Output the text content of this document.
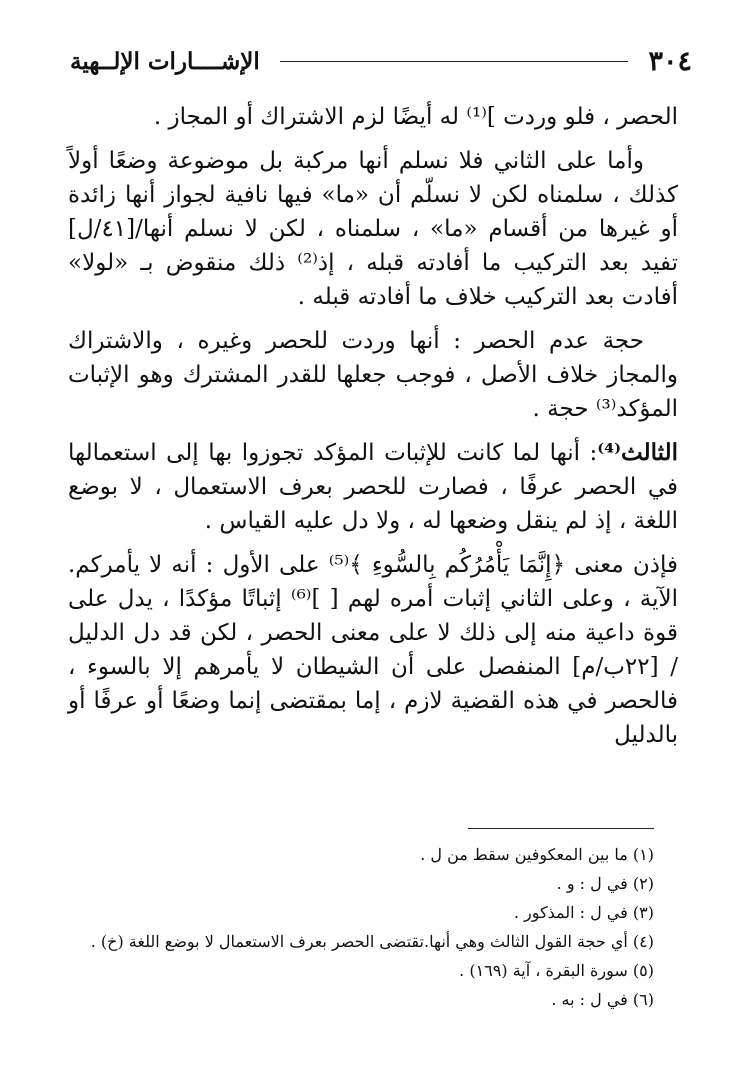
٣٠٤
الإشــــارات الإلــهية

الحصر ، فلو وردت ]⁽¹⁾ له أيضًا لزم الاشتراك أو المجاز .

وأما على الثاني فلا نسلم أنها مركبة بل موضوعة وضعًا أولاً كذلك ، سلمناه لكن لا نسلّم أن «ما» فيها نافية لجواز أنها زائدة أو غيرها من أقسام «ما» ، سلمناه ، لكن لا نسلم أنها/[٤١/ل] تفيد بعد التركيب ما أفادته قبله ، إذ⁽²⁾ ذلك منقوض بـ «لولا» أفادت بعد التركيب خلاف ما أفادته قبله .

حجة عدم الحصر : أنها وردت للحصر وغيره ، والاشتراك والمجاز خلاف الأصل ، فوجب جعلها للقدر المشترك وهو الإثبات المؤكد⁽³⁾ حجة .

الثالث⁽⁴⁾: أنها لما كانت للإثبات المؤكد تجوزوا بها إلى استعمالها في الحصر عرفًا ، فصارت للحصر بعرف الاستعمال ، لا بوضع اللغة ، إذ لم ينقل وضعها له ، ولا دل عليه القياس .

فإذن معنى ﴿إِنَّمَا يَأْمُرُكُم بِالسُّوءِ ﴾⁽⁵⁾ على الأول : أنه لا يأمركم. الآية ، وعلى الثاني إثبات أمره لهم [ ]⁽⁶⁾ إثباتًا مؤكدًا ، يدل على قوة داعية منه إلى ذلك لا على معنى الحصر ، لكن قد دل الدليل / [٢٢ب/م] المنفصل على أن الشيطان لا يأمرهم إلا بالسوء ، فالحصر في هذه القضية لازم ، إما بمقتضى إنما وضعًا أو عرفًا أو بالدليل

(١) ما بين المعكوفين سقط من ل .
(٢) في ل : و .
(٣) في ل : المذكور .
(٤) أي حجة القول الثالث وهي أنها.تقتضى الحصر بعرف الاستعمال لا بوضع اللغة (خ) .
(٥) سورة البقرة ، آية (١٦٩) .
(٦) في ل : به .
